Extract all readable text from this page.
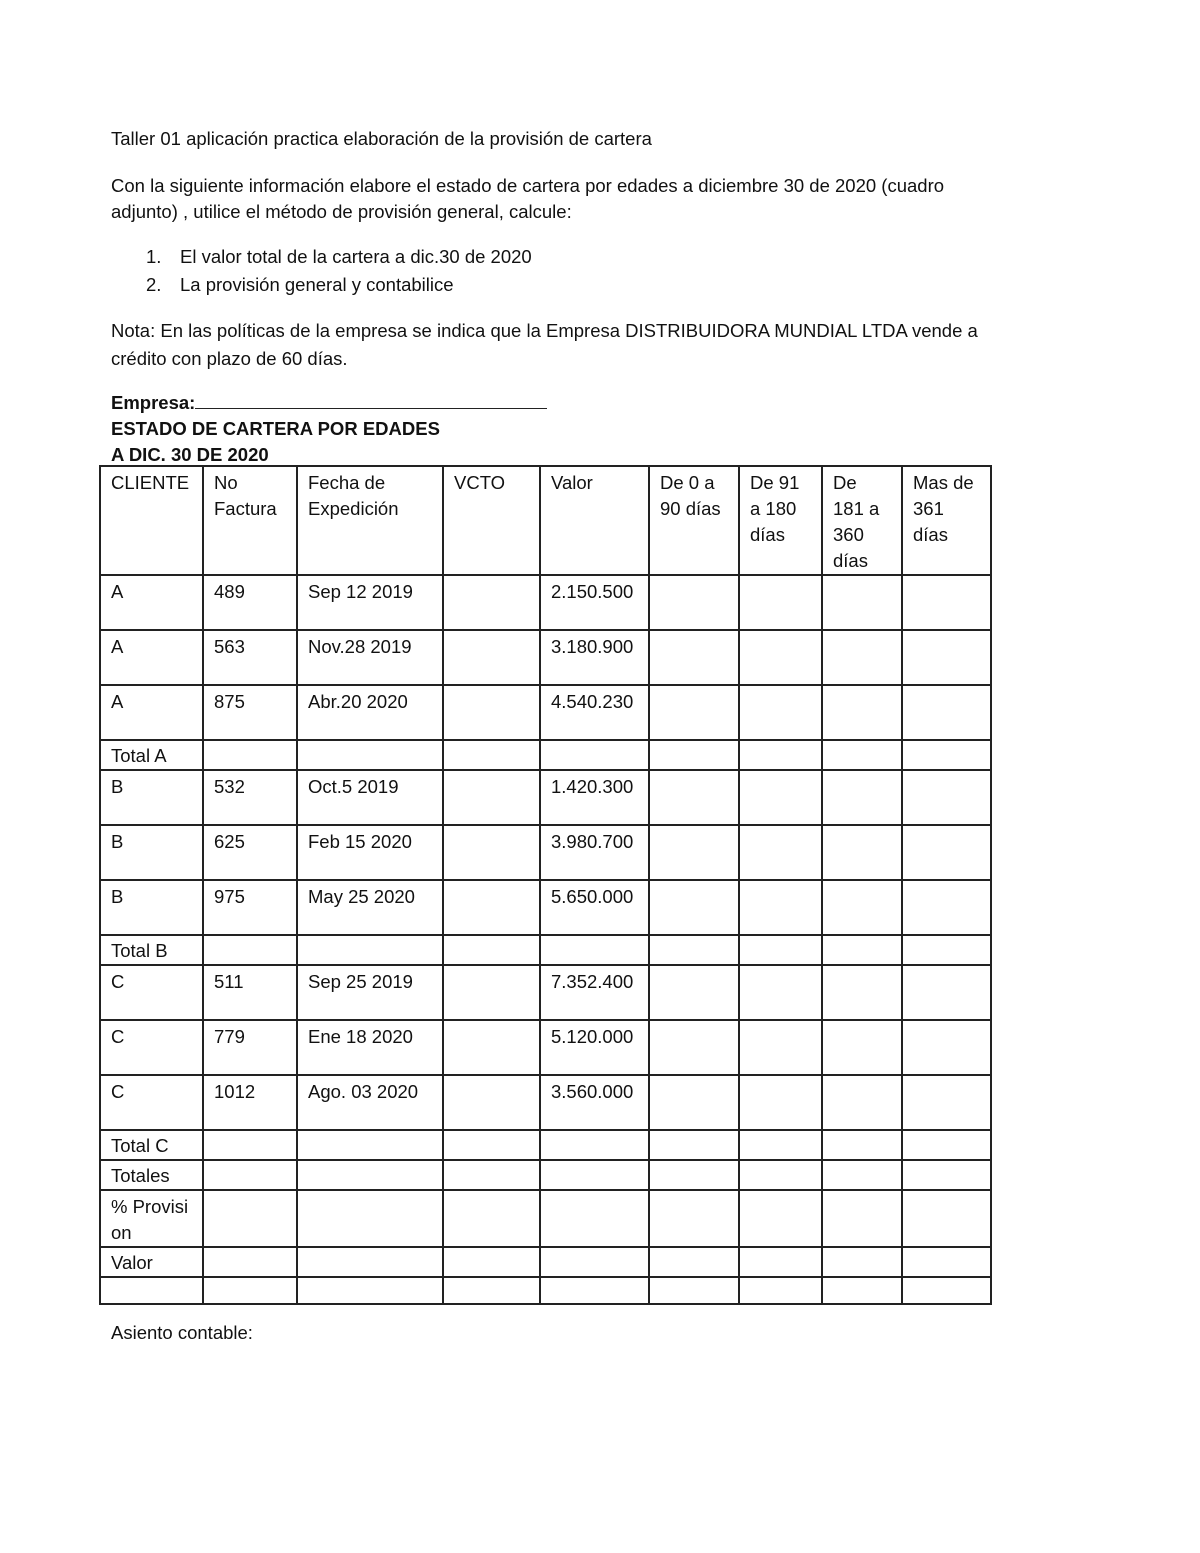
Taller 01 aplicación practica elaboración de la provisión de cartera
Con la siguiente información elabore el estado de cartera por edades a diciembre 30 de 2020 (cuadro adjunto) , utilice el método de provisión general, calcule:
1. El valor total de la cartera a dic.30 de 2020
2. La provisión general y contabilice
Nota: En las políticas de la empresa se indica que la Empresa DISTRIBUIDORA MUNDIAL LTDA vende a crédito con plazo de 60 días.
Empresa:
ESTADO DE CARTERA POR EDADES
A DIC. 30 DE 2020
CLIENTE	No Factura	Fecha de Expedición	VCTO	Valor	De 0 a 90 días	De 91 a 180 días	De 181 a 360 días	Mas de 361 días
A	489	Sep 12 2019		2.150.500				
A	563	Nov.28 2019		3.180.900				
A	875	Abr.20 2020		4.540.230				
Total A								
B	532	Oct.5 2019		1.420.300				
B	625	Feb 15 2020		3.980.700				
B	975	May 25 2020		5.650.000				
Total B								
C	511	Sep 25 2019		7.352.400				
C	779	Ene 18 2020		5.120.000				
C	1012	Ago. 03 2020		3.560.000				
Total C								
Totales								
% Provision								
Valor								

Asiento contable:
